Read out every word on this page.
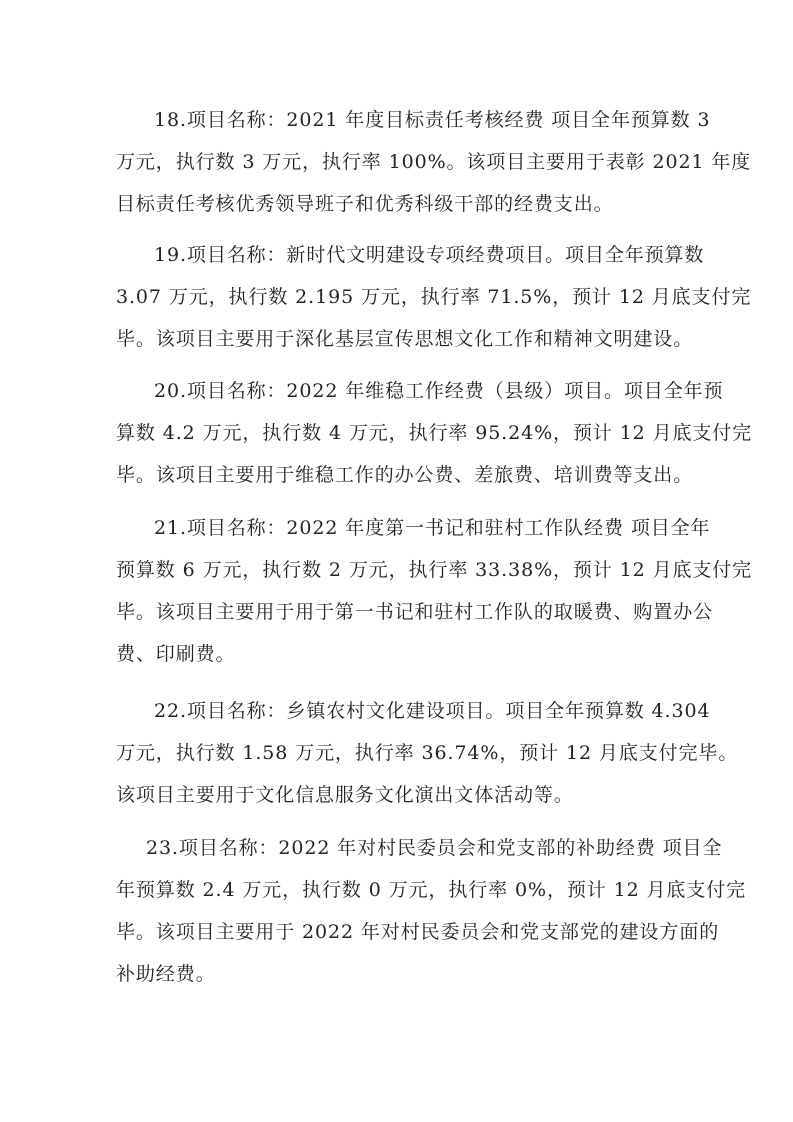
18.项目名称：2021 年度目标责任考核经费 项目全年预算数 3
万元，执行数 3 万元，执行率 100%。该项目主要用于表彰 2021 年度
目标责任考核优秀领导班子和优秀科级干部的经费支出。
19.项目名称：新时代文明建设专项经费项目。项目全年预算数
3.07 万元，执行数 2.195 万元，执行率 71.5%，预计 12 月底支付完
毕。该项目主要用于深化基层宣传思想文化工作和精神文明建设。
20.项目名称：2022 年维稳工作经费（县级）项目。项目全年预
算数 4.2 万元，执行数 4 万元，执行率 95.24%，预计 12 月底支付完
毕。该项目主要用于维稳工作的办公费、差旅费、培训费等支出。
21.项目名称：2022 年度第一书记和驻村工作队经费 项目全年
预算数 6 万元，执行数 2 万元，执行率 33.38%，预计 12 月底支付完
毕。该项目主要用于用于第一书记和驻村工作队的取暖费、购置办公
费、印刷费。
22.项目名称：乡镇农村文化建设项目。项目全年预算数 4.304
万元，执行数 1.58 万元，执行率 36.74%，预计 12 月底支付完毕。
该项目主要用于文化信息服务文化演出文体活动等。
23.项目名称：2022 年对村民委员会和党支部的补助经费 项目全
年预算数 2.4 万元，执行数 0 万元，执行率 0%，预计 12 月底支付完
毕。该项目主要用于 2022 年对村民委员会和党支部党的建设方面的
补助经费。
